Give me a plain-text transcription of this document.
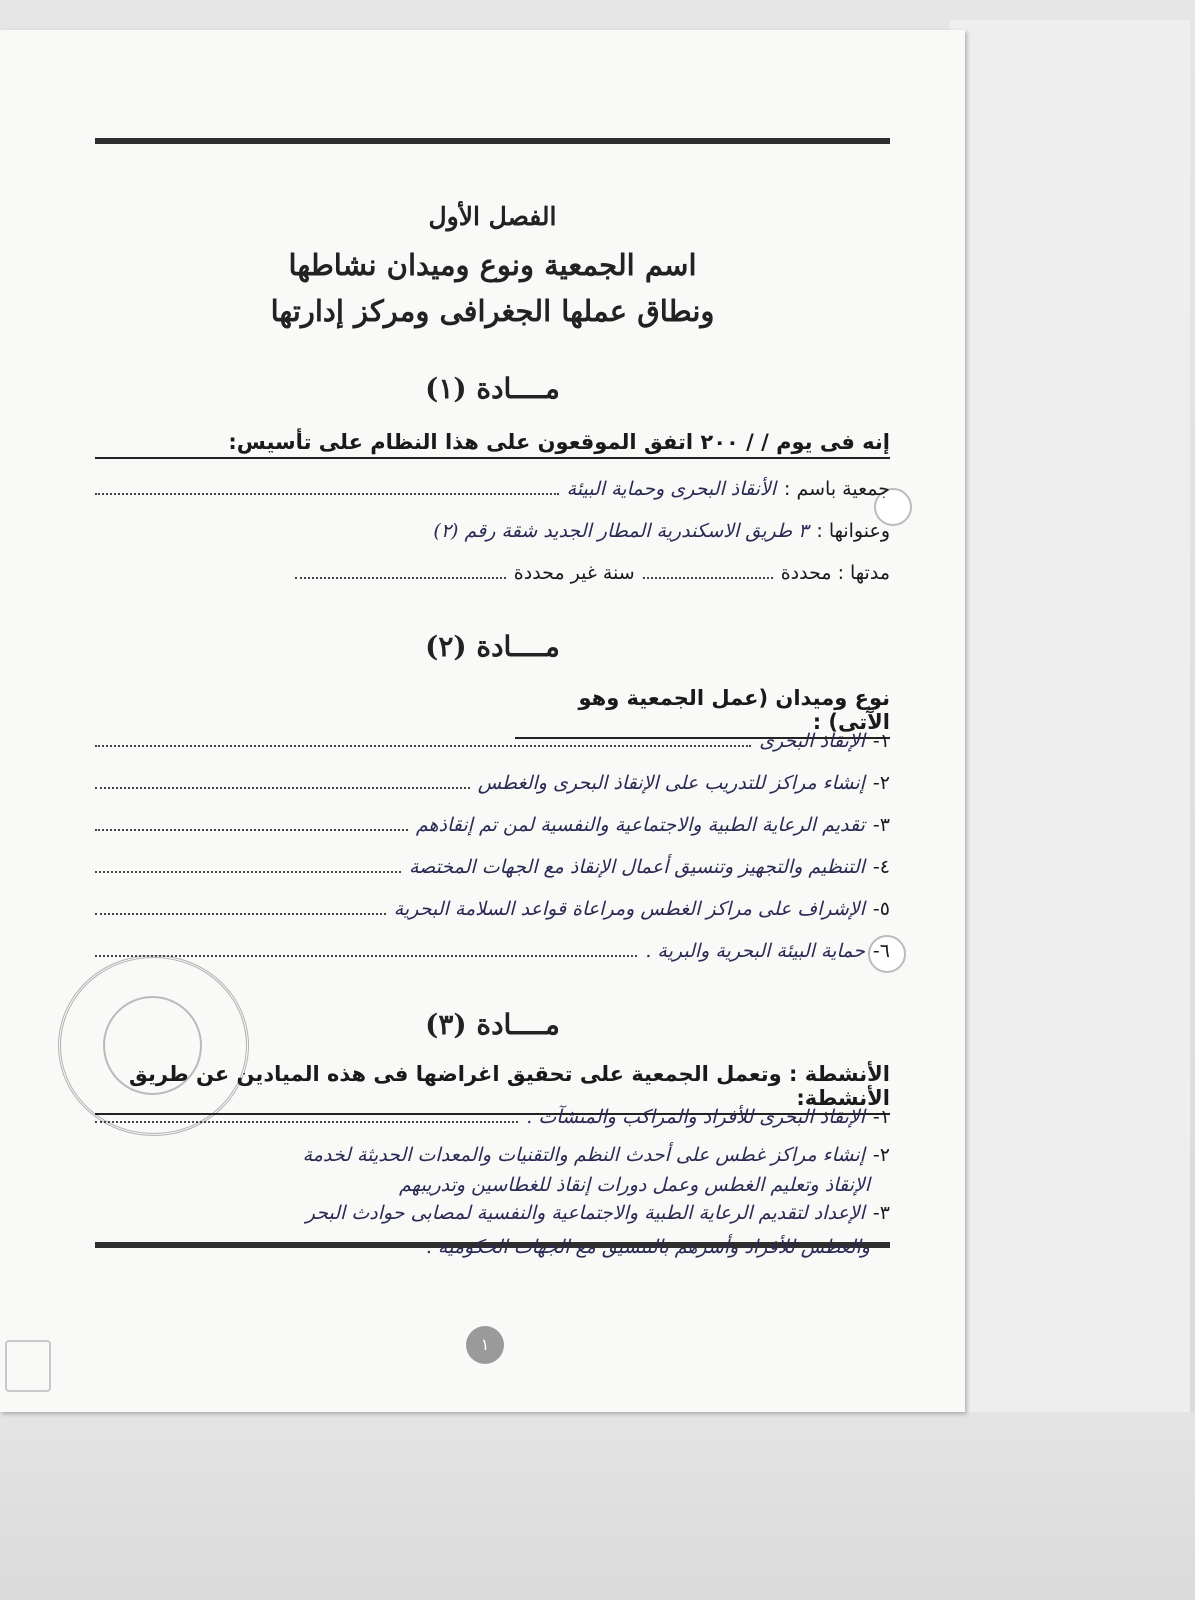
١
الفصل الأول
اسم الجمعية ونوع وميدان نشاطها
ونطاق عملها الجغرافى ومركز إدارتها
مــــادة (١)
إنه فى يوم / / ٢٠٠ اتفق الموقعون على هذا النظام على تأسيس:
جمعية باسم :
الأنقاذ البحرى وحماية البيئة
وعنوانها :
٣ طريق الاسكندرية المطار الجديد شقة رقم (٢)
مدتها : محددة
سنة غير محددة
مــــادة (٢)
نوع وميدان (عمل الجمعية وهو الآتى) :
١-
الإنقاذ البحرى
٢-
إنشاء مراكز للتدريب على الإنقاذ البحرى والغطس
٣-
تقديم الرعاية الطبية والاجتماعية والنفسية لمن تم إنقاذهم
٤-
التنظيم والتجهيز وتنسيق أعمال الإنقاذ مع الجهات المختصة
٥-
الإشراف على مراكز الغطس ومراعاة قواعد السلامة البحرية
٦-
حماية البيئة البحرية والبرية .
مــــادة (٣)
الأنشطة : وتعمل الجمعية على تحقيق اغراضها فى هذه الميادين عن طريق الأنشطة:
١-
الإنقاذ البحرى للأفراد والمراكب والمنشآت .
٢-
إنشاء مراكز غطس على أحدث النظم والتقنيات والمعدات الحديثة لخدمة
الإنقاذ وتعليم الغطس وعمل دورات إنقاذ للغطاسين وتدريبهم
٣-
الإعداد لتقديم الرعاية الطبية والاجتماعية والنفسية لمصابى حوادث البحر
والغطس للأفراد وأسرهم بالتنسيق مع الجهات الحكومية .
